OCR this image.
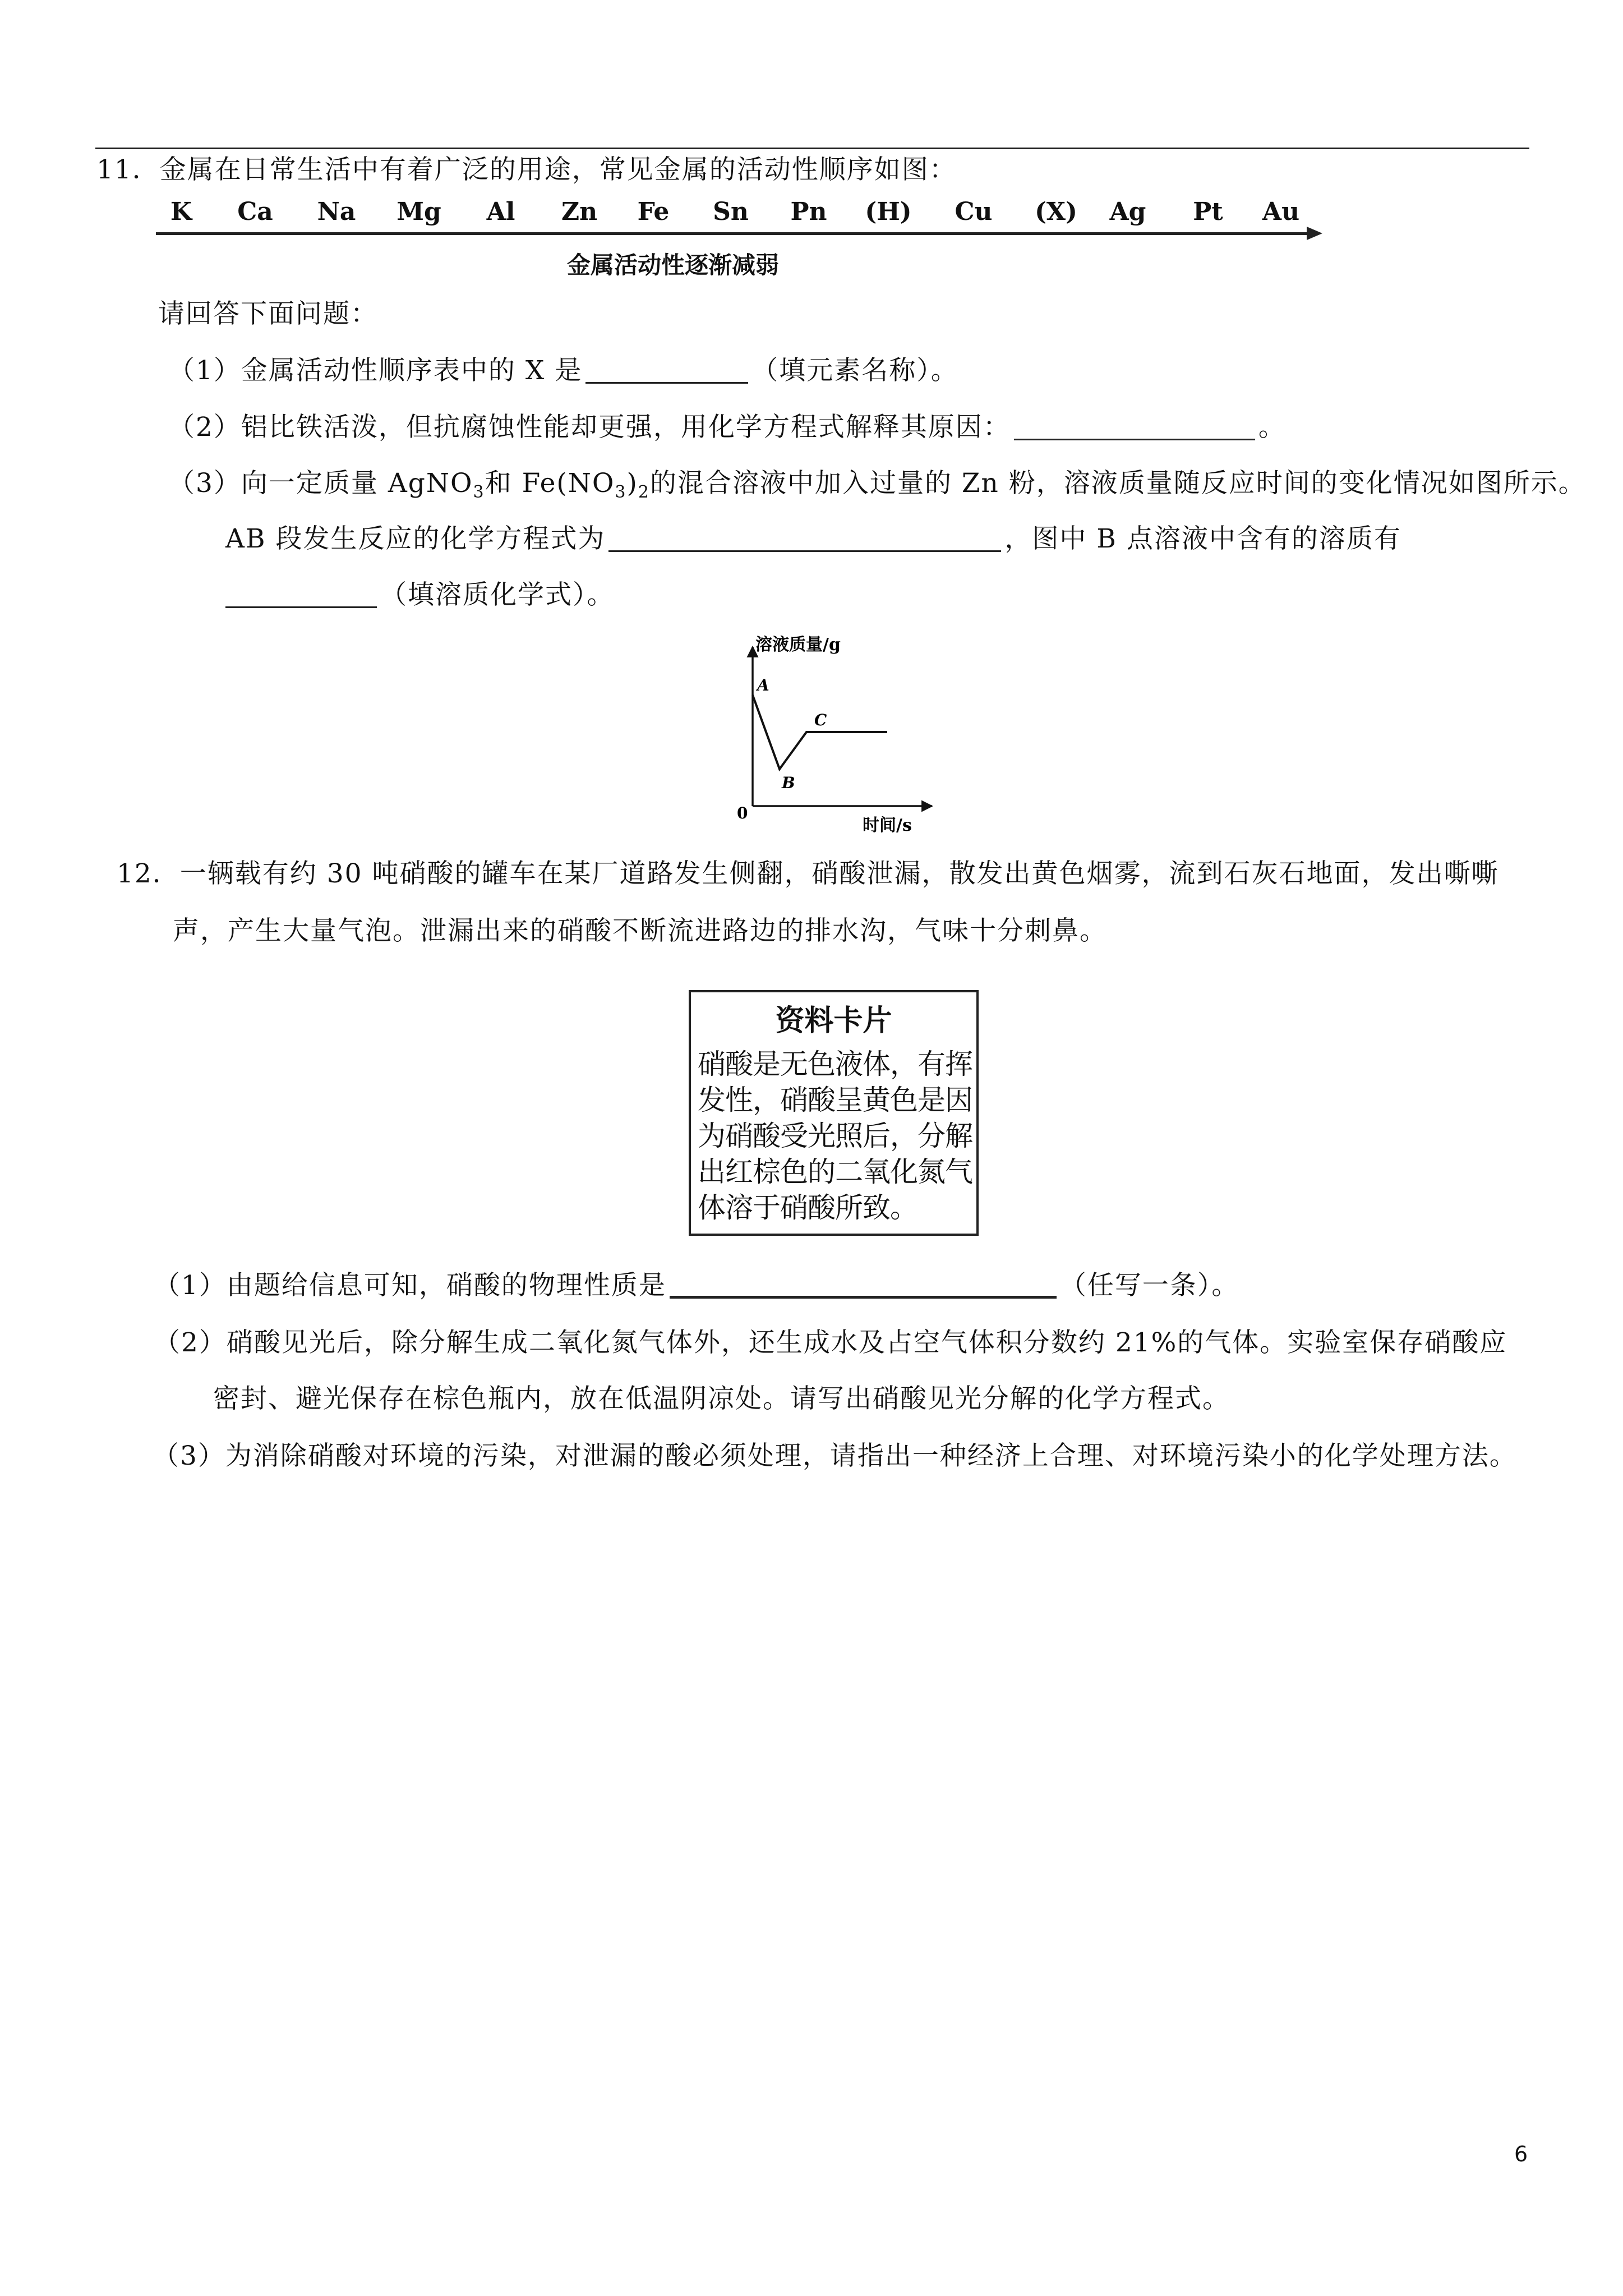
11．金属在日常生活中有着广泛的用途，常见金属的活动性顺序如图：
K Ca Na Mg Al Zn Fe Sn Pn (H) Cu (X) Ag Pt Au
金属活动性逐渐减弱
请回答下面问题：
（1）金属活动性顺序表中的 X 是	（填元素名称）。
（2）铝比铁活泼，但抗腐蚀性能却更强，用化学方程式解释其原因：	。
（3）向一定质量 AgNO$_3$和 $Fe(NO_3)_2$的混合溶液中加入过量的 Zn 粉，溶液质量随反应时间的变化情况如图所示。
AB 段发生反应的化学方程式为	，图中 B 点溶液中含有的溶质有
（填溶质化学式）。
溶液质量/g
时间/s
0
A
B
C
12．一辆载有约 30 吨硝酸的罐车在某厂道路发生侧翻，硝酸泄漏，散发出黄色烟雾，流到石灰石地面，发出嘶嘶
声，产生大量气泡。泄漏出来的硝酸不断流进路边的排水沟，气味十分刺鼻。
资料卡片
硝酸是无色液体，有挥
发性，硝酸呈黄色是因
为硝酸受光照后，分解
出红棕色的二氧化氮气
体溶于硝酸所致。
（1）由题给信息可知，硝酸的物理性质是	（任写一条）。
（2）硝酸见光后，除分解生成二氧化氮气体外，还生成水及占空气体积分数约 21%的气体。实验室保存硝酸应
密封、避光保存在棕色瓶内，放在低温阴凉处。请写出硝酸见光分解的化学方程式。
（3）为消除硝酸对环境的污染，对泄漏的酸必须处理，请指出一种经济上合理、对环境污染小的化学处理方法。
6
